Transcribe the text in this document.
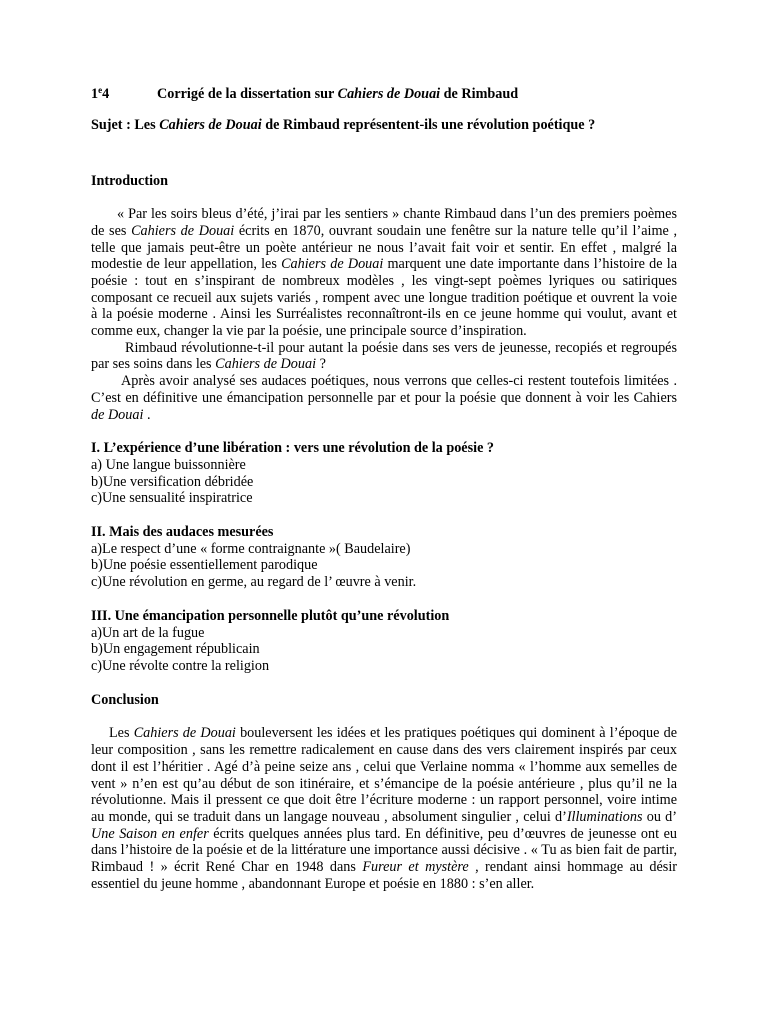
1e4	Corrigé de la dissertation sur Cahiers de Douai de Rimbaud
Sujet : Les Cahiers de Douai de Rimbaud représentent-ils une révolution poétique ?
Introduction
« Par les soirs bleus d’été, j’irai par les sentiers » chante Rimbaud dans l’un des premiers poèmes de ses Cahiers de Douai écrits en 1870, ouvrant soudain une fenêtre sur la nature telle qu’il l’aime , telle que jamais peut-être un poète antérieur ne nous l’avait fait voir et sentir. En effet , malgré la modestie de leur appellation, les Cahiers de Douai marquent une date importante dans l’histoire de la poésie : tout en s’inspirant de nombreux modèles , les vingt-sept poèmes lyriques ou satiriques composant ce recueil aux sujets variés , rompent avec une longue tradition poétique et ouvrent la voie à la poésie moderne . Ainsi les Surréalistes reconnaîtront-ils en ce jeune homme qui voulut, avant et comme eux, changer la vie par la poésie, une principale source d’inspiration.
Rimbaud révolutionne-t-il pour autant la poésie dans ses vers de jeunesse, recopiés et regroupés par ses soins dans les Cahiers de Douai ?
Après avoir analysé ses audaces poétiques, nous verrons que celles-ci restent toutefois limitées . C’est en définitive une émancipation personnelle par et pour la poésie que donnent à voir les Cahiers de Douai .
I. L’expérience d’une libération : vers une révolution de la poésie ?
a) Une langue buissonnière
b)Une versification débridée
c)Une sensualité inspiratrice
II. Mais des audaces mesurées
a)Le respect d’une « forme contraignante »( Baudelaire)
b)Une poésie essentiellement parodique
c)Une révolution en germe, au regard de l’ œuvre à venir.
III. Une émancipation personnelle plutôt qu’une révolution
a)Un art de la fugue
b)Un engagement républicain
c)Une révolte contre la religion
Conclusion
Les Cahiers de Douai bouleversent les idées et les pratiques poétiques qui dominent à l’époque de leur composition , sans les remettre radicalement en cause dans des vers clairement inspirés par ceux dont il est l’héritier . Agé d’à peine seize ans , celui que Verlaine nomma « l’homme aux semelles de vent » n’en est qu’au début de son itinéraire, et s’émancipe de la poésie antérieure , plus qu’il ne la révolutionne. Mais il pressent ce que doit être l’écriture moderne : un rapport personnel, voire intime au monde, qui se traduit dans un langage nouveau , absolument singulier , celui d’Illuminations ou d’ Une Saison en enfer écrits quelques années plus tard. En définitive, peu d’œuvres de jeunesse ont eu dans l’histoire de la poésie et de la littérature une importance aussi décisive . « Tu as bien fait de partir, Rimbaud ! » écrit René Char en 1948 dans Fureur et mystère , rendant ainsi hommage au désir essentiel du jeune homme , abandonnant Europe et poésie en 1880 : s’en aller.
